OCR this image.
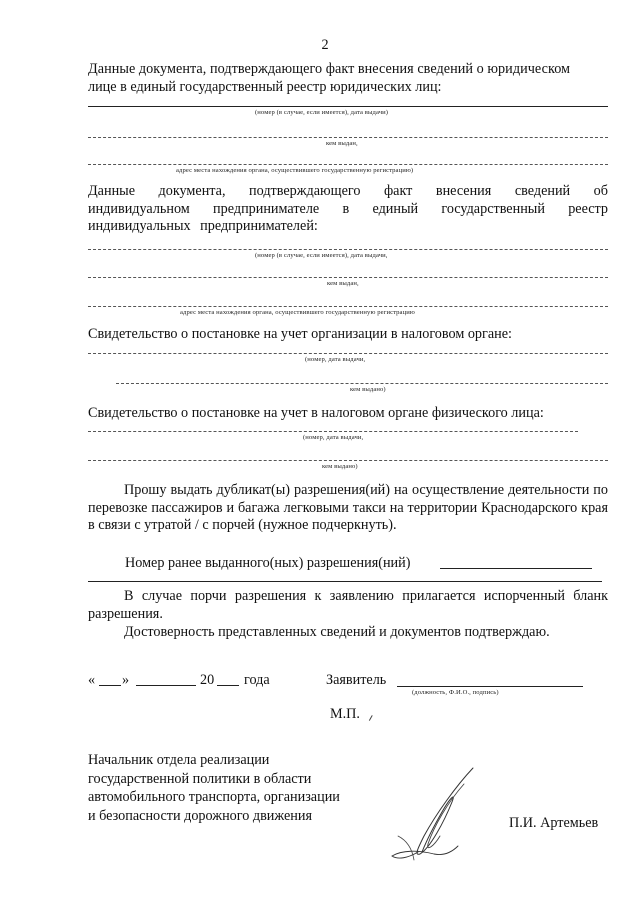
2
Данные документа, подтверждающего факт внесения сведений о юридическом
лице в единый государственный реестр юридических лиц:
(номер (в случае, если имеется), дата выдачи)
кем выдан,
адрес места нахождения органа, осуществившего государственную регистрацию)
Данные документа, подтверждающего факт внесения сведений об индивидуальном предпринимателе в единый государственный реестр индивидуальных предпринимателей:
(номер (в случае, если имеется), дата выдачи,
кем выдан,
адрес места нахождения органа, осуществившего государственную регистрацию
Свидетельство о постановке на учет организации в налоговом органе:
(номер, дата выдачи,
кем выдано)
Свидетельство о постановке на учет в налоговом органе физического лица:
(номер, дата выдачи,
кем выдано)
Прошу выдать дубликат(ы) разрешения(ий) на осуществление деятельности по перевозке пассажиров и багажа легковыми такси на территории Краснодарского края в связи с утратой / с порчей (нужное подчеркнуть).
Номер ранее выданного(ных) разрешения(ний)
В случае порчи разрешения к заявлению прилагается испорченный бланк разрешения.
Достоверность представленных сведений и документов подтверждаю.
« »	20 года	Заявитель
(должность, Ф.И.О., подпись)
М.П.
Начальник отдела реализации
государственной политики в области
автомобильного транспорта, организации
и безопасности дорожного движения	П.И. Артемьев
